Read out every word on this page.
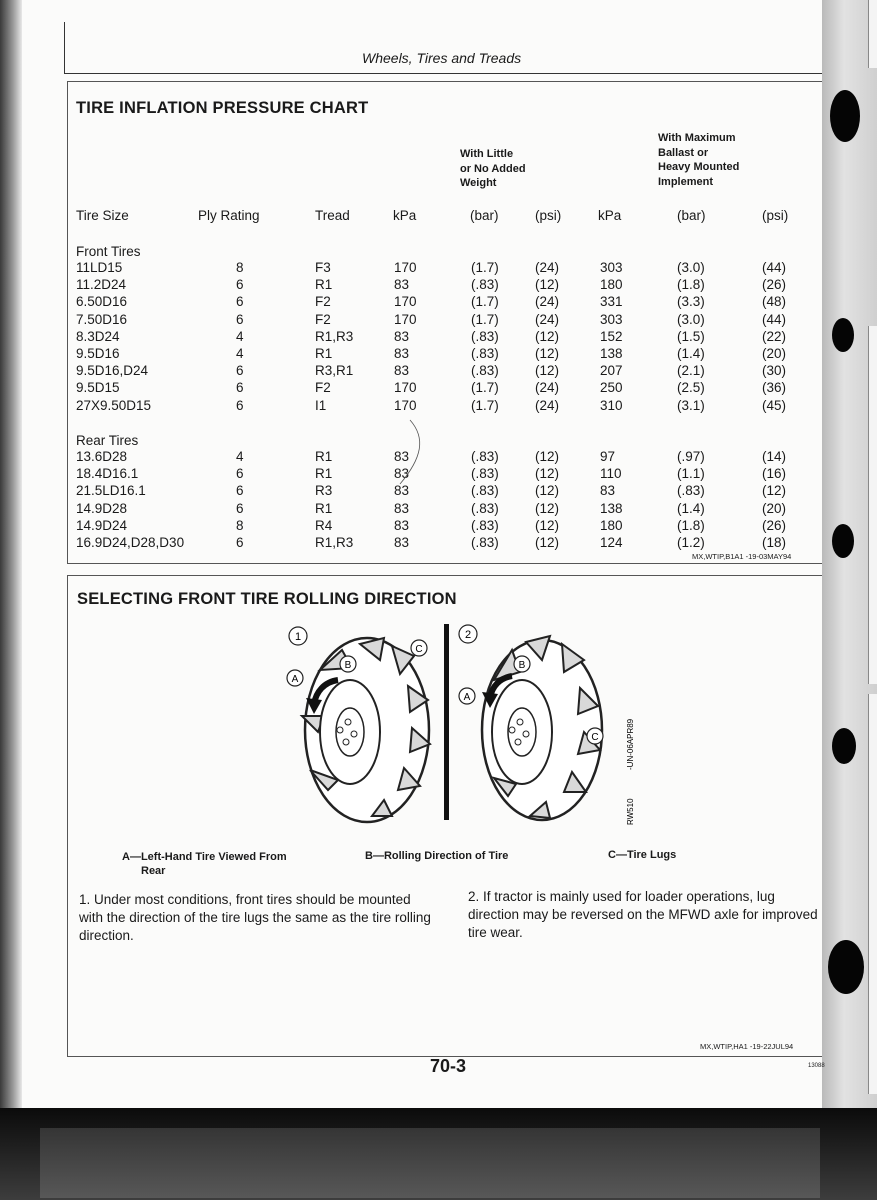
Wheels, Tires and Treads
TIRE INFLATION PRESSURE CHART
With Little
or No Added
Weight
With Maximum
Ballast or
Heavy Mounted
Implement
Tire Size	Ply Rating	Tread	kPa	(bar)	(psi)	kPa	(bar)	(psi)
Front Tires
11LD15	8	F3	170	(1.7)	(24)	303	(3.0)	(44)
11.2D24	6	R1	83	(.83)	(12)	180	(1.8)	(26)
6.50D16	6	F2	170	(1.7)	(24)	331	(3.3)	(48)
7.50D16	6	F2	170	(1.7)	(24)	303	(3.0)	(44)
8.3D24	4	R1,R3	83	(.83)	(12)	152	(1.5)	(22)
9.5D16	4	R1	83	(.83)	(12)	138	(1.4)	(20)
9.5D16,D24	6	R3,R1	83	(.83)	(12)	207	(2.1)	(30)
9.5D15	6	F2	170	(1.7)	(24)	250	(2.5)	(36)
27X9.50D15	6	I1	170	(1.7)	(24)	310	(3.1)	(45)
Rear Tires
13.6D28	4	R1	83	(.83)	(12)	97	(.97)	(14)
18.4D16.1	6	R1	83	(.83)	(12)	110	(1.1)	(16)
21.5LD16.1	6	R3	83	(.83)	(12)	83	(.83)	(12)
14.9D28	6	R1	83	(.83)	(12)	138	(1.4)	(20)
14.9D24	8	R4	83	(.83)	(12)	180	(1.8)	(26)
16.9D24,D28,D30	6	R1,R3	83	(.83)	(12)	124	(1.2)	(18)
MX,WTIP,B1A1 -19-03MAY94
SELECTING FRONT TIRE ROLLING DIRECTION
1
A
B
C
2
A
B
C	-UN-06APR89
RW510
A—Left-Hand Tire Viewed From
Rear
B—Rolling Direction of Tire	C—Tire Lugs
1. Under most conditions, front tires should be mounted with the direction of the tire lugs the same as the tire rolling direction.
2. If tractor is mainly used for loader operations, lug direction may be reversed on the MFWD axle for improved tire wear.
MX,WTIP,HA1 -19-22JUL94
70-3	13088
